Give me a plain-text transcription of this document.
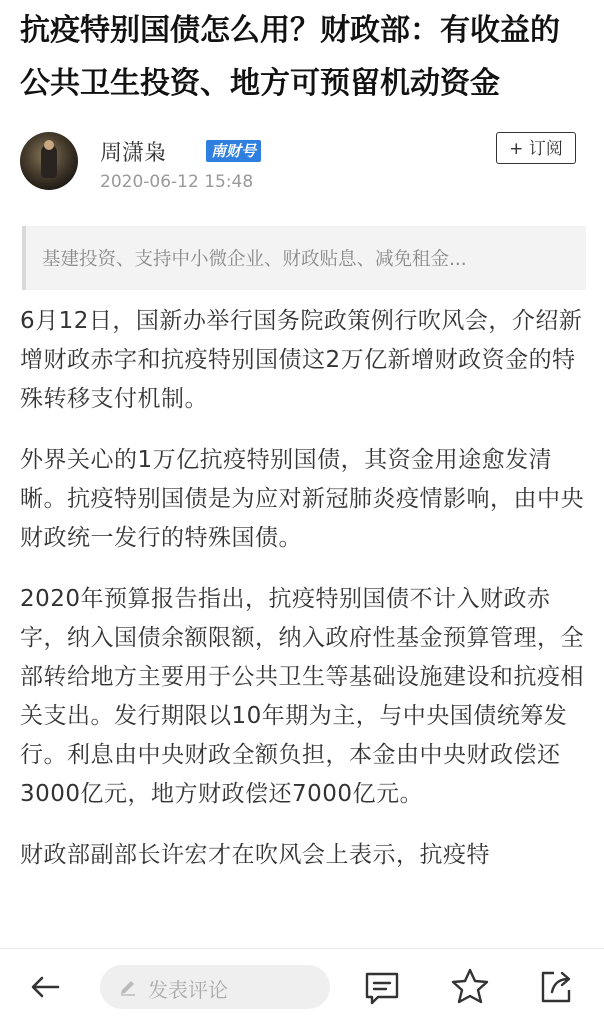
抗疫特别国债怎么用？财政部：有收益的公共卫生投资、地方可预留机动资金
周潇枭	南财号
2020-06-12 15:48
+ 订阅
基建投资、支持中小微企业、财政贴息、减免租金...

6月12日，国新办举行国务院政策例行吹风会，介绍新增财政赤字和抗疫特别国债这2万亿新增财政资金的特殊转移支付机制。

外界关心的1万亿抗疫特别国债，其资金用途愈发清晰。抗疫特别国债是为应对新冠肺炎疫情影响，由中央财政统一发行的特殊国债。

2020年预算报告指出，抗疫特别国债不计入财政赤字，纳入国债余额限额，纳入政府性基金预算管理，全部转给地方主要用于公共卫生等基础设施建设和抗疫相关支出。发行期限以10年期为主，与中央国债统筹发行。利息由中央财政全额负担，本金由中央财政偿还3000亿元，地方财政偿还7000亿元。

财政部副部长许宏才在吹风会上表示，抗疫特

发表评论
